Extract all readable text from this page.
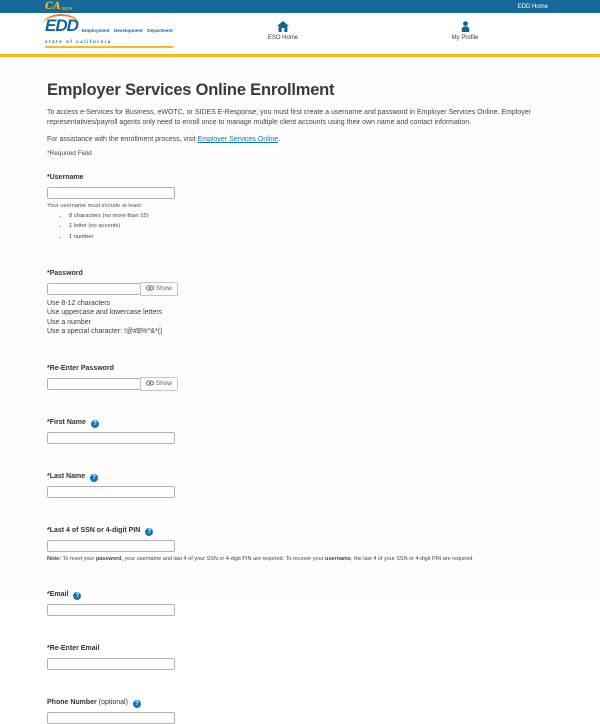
CA GOV	EDD Home
EDD Employment Development Department
state of california
ESO Home	My Profile
Employer Services Online Enrollment

To access e-Services for Business, eWOTC, or SIDES E-Response, you must first create a username and password in Employer Services Online. Employer representatives/payroll agents only need to enroll once to manage multiple client accounts using their own name and contact information.

For assistance with the enrollment process, visit Employer Services Online.

*Required Field
*Username
Your username must include at least:
• 8 characters (no more than 15)
• 1 letter (no accents)
• 1 number
*Password
Show
Use 8-12 characters
Use uppercase and lowercase letters
Use a number
Use a special character: !@#$%^&*()
*Re-Enter Password
Show
*First Name ?
*Last Name ?
*Last 4 of SSN or 4-digit PIN ?
Note: To reset your password, your username and last 4 of your SSN or 4-digit PIN are required. To recover your username, the last 4 of your SSN or 4-digit PIN are required.
*Email ?
*Re-Enter Email
Phone Number (optional) ?
